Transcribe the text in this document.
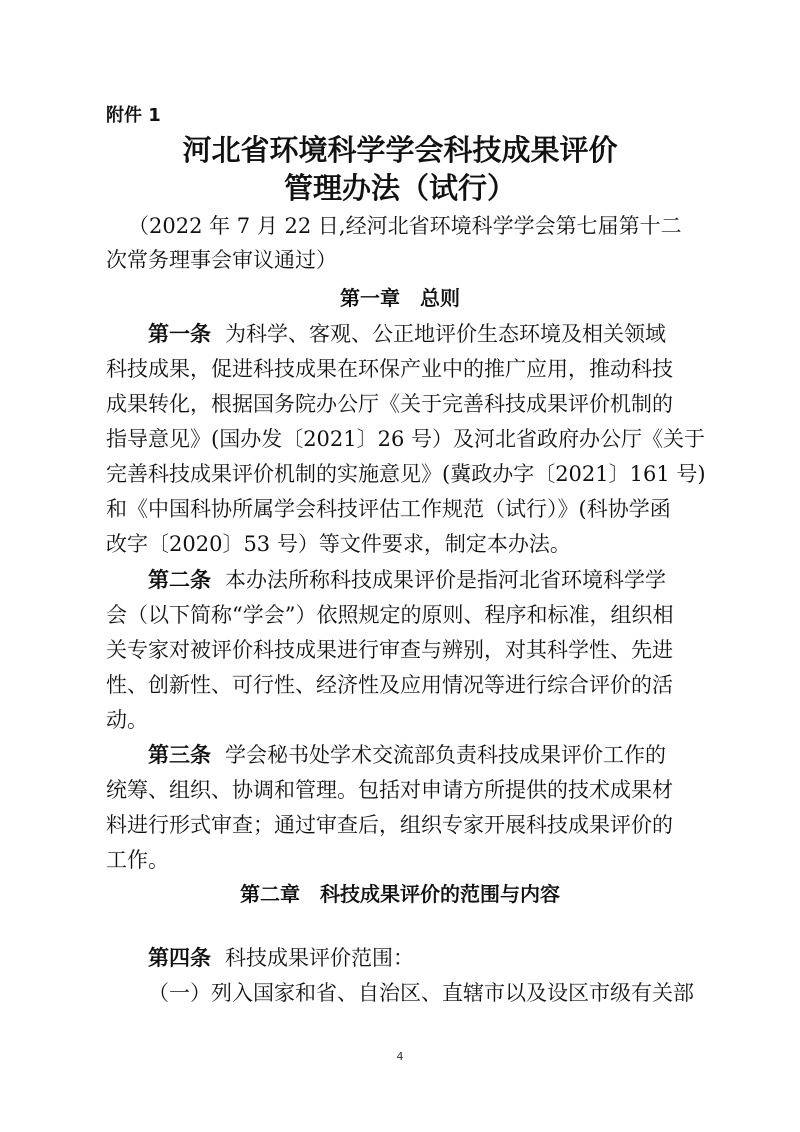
附件 1
河北省环境科学学会科技成果评价
管理办法（试行）
（2022 年 7 月 22 日,经河北省环境科学学会第七届第十二
次常务理事会审议通过）
第一章　总则
第一条 为科学、客观、公正地评价生态环境及相关领域
科技成果，促进科技成果在环保产业中的推广应用，推动科技
成果转化，根据国务院办公厅《关于完善科技成果评价机制的
指导意见》(国办发〔2021〕26 号）及河北省政府办公厅《关于
完善科技成果评价机制的实施意见》(冀政办字〔2021〕161 号)
和《中国科协所属学会科技评估工作规范（试行）》(科协学函
改字〔2020〕53 号）等文件要求，制定本办法。
第二条 本办法所称科技成果评价是指河北省环境科学学
会（以下简称“学会”）依照规定的原则、程序和标准，组织相
关专家对被评价科技成果进行审查与辨别，对其科学性、先进
性、创新性、可行性、经济性及应用情况等进行综合评价的活
动。
第三条 学会秘书处学术交流部负责科技成果评价工作的
统筹、组织、协调和管理。包括对申请方所提供的技术成果材
料进行形式审查；通过审查后，组织专家开展科技成果评价的
工作。
第二章　科技成果评价的范围与内容
第四条 科技成果评价范围：
（一）列入国家和省、自治区、直辖市以及设区市级有关部
4
